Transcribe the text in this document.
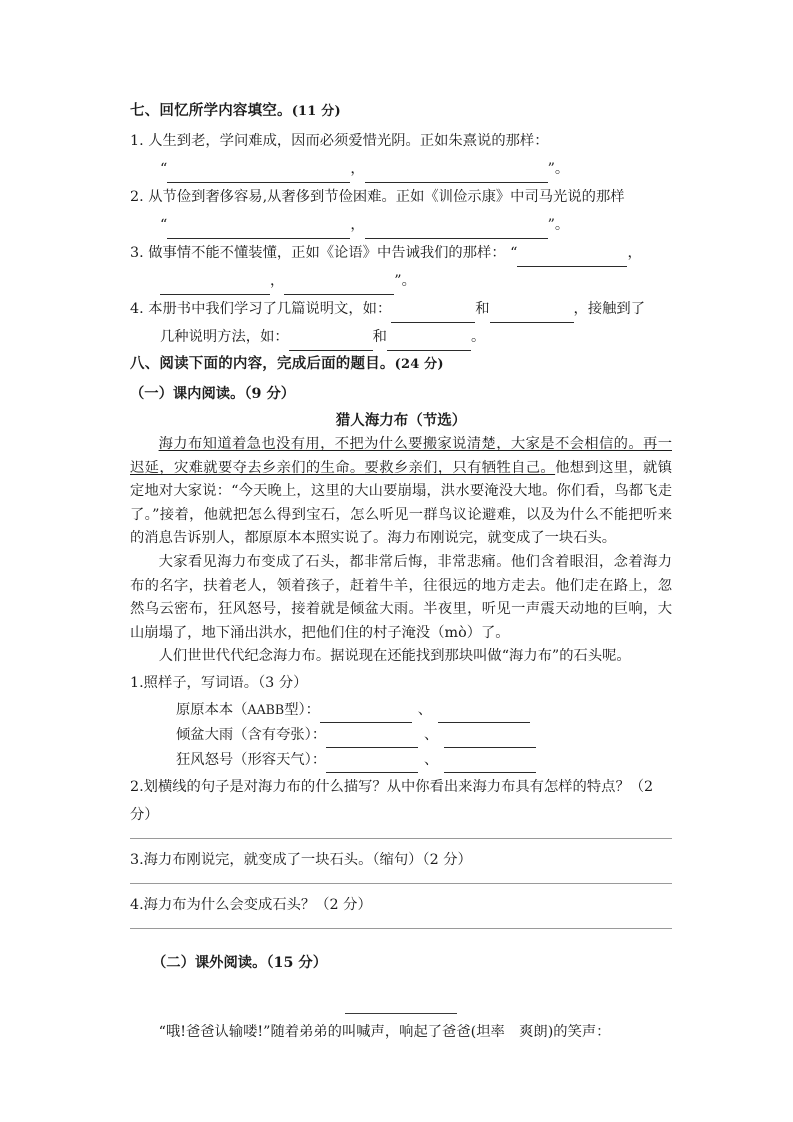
七、回忆所学内容填空。(11 分)

1. 人生到老，学问难成，因而必须爱惜光阴。正如朱熹说的那样：

“	，	”。

2. 从节俭到奢侈容易,从奢侈到节俭困难。正如《训俭示康》中司马光说的那样

“	，	”。

3. 做事情不能不懂装懂，正如《论语》中告诫我们的那样： “	，

，	”。

4. 本册书中我们学习了几篇说明文，如：	和	，接触到了

几种说明方法，如：	和	。

八、阅读下面的内容，完成后面的题目。(24 分)
（一）课内阅读。（9 分）
猎人海力布（节选）

海力布知道着急也没有用，不把为什么要搬家说清楚，大家是不会相信的。再一迟延，灾难就要夺去乡亲们的生命。要救乡亲们，只有牺牲自己。他想到这里，就镇定地对大家说：“今天晚上，这里的大山要崩塌，洪水要淹没大地。你们看，鸟都飞走了。”接着，他就把怎么得到宝石，怎么听见一群鸟议论避难，以及为什么不能把听来的消息告诉别人，都原原本本照实说了。海力布刚说完，就变成了一块石头。

大家看见海力布变成了石头，都非常后悔，非常悲痛。他们含着眼泪，念着海力布的名字，扶着老人，领着孩子，赶着牛羊，往很远的地方走去。他们走在路上，忽然乌云密布，狂风怒号，接着就是倾盆大雨。半夜里，听见一声震天动地的巨响，大山崩塌了，地下涌出洪水，把他们住的村子淹没（mò）了。

人们世世代代纪念海力布。据说现在还能找到那块叫做“海力布”的石头呢。

1.照样子，写词语。（3 分）

原原本本（AABB型）：	、
倾盆大雨（含有夸张）：	、
狂风怒号（形容天气）：	、

2.划横线的句子是对海力布的什么描写？从中你看出来海力布具有怎样的特点？（2 分）

3.海力布刚说完，就变成了一块石头。（缩句）（2 分）

4.海力布为什么会变成石头？（2 分）

（二）课外阅读。（15 分）

“哦!爸爸认输喽!”随着弟弟的叫喊声，响起了爸爸(坦率　爽朗)的笑声：
